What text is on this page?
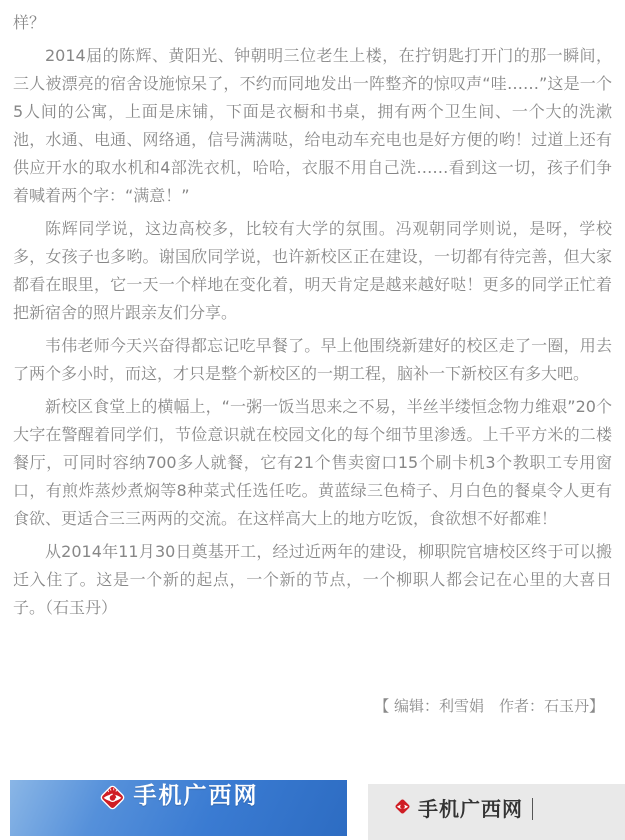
样？

2014届的陈辉、黄阳光、钟朝明三位老生上楼，在拧钥匙打开门的那一瞬间，三人被漂亮的宿舍设施惊呆了，不约而同地发出一阵整齐的惊叹声“哇……”这是一个5人间的公寓，上面是床铺，下面是衣橱和书桌，拥有两个卫生间、一个大的洗漱池，水通、电通、网络通，信号满满哒，给电动车充电也是好方便的哟！过道上还有供应开水的取水机和4部洗衣机，哈哈，衣服不用自己洗……看到这一切，孩子们争着喊着两个字：“满意！”

陈辉同学说，这边高校多，比较有大学的氛围。冯观朝同学则说，是呀，学校多，女孩子也多哟。谢国欣同学说，也许新校区正在建设，一切都有待完善，但大家都看在眼里，它一天一个样地在变化着，明天肯定是越来越好哒！更多的同学正忙着把新宿舍的照片跟亲友们分享。

韦伟老师今天兴奋得都忘记吃早餐了。早上他围绕新建好的校区走了一圈，用去了两个多小时，而这，才只是整个新校区的一期工程，脑补一下新校区有多大吧。

新校区食堂上的横幅上，“一粥一饭当思来之不易，半丝半缕恒念物力维艰”20个大字在警醒着同学们，节俭意识就在校园文化的每个细节里渗透。上千平方米的二楼餐厅，可同时容纳700多人就餐，它有21个售卖窗口15个刷卡机3个教职工专用窗口，有煎炸蒸炒煮焖等8种菜式任选任吃。黄蓝绿三色椅子、月白色的餐桌令人更有食欲、更适合三三两两的交流。在这样高大上的地方吃饭，食欲想不好都难！

从2014年11月30日奠基开工，经过近两年的建设，柳职院官塘校区终于可以搬迁入住了。这是一个新的起点，一个新的节点，一个柳职人都会记在心里的大喜日子。（石玉丹）

【 编辑：利雪娟　作者：石玉丹】
手机广西网	手机广西网
